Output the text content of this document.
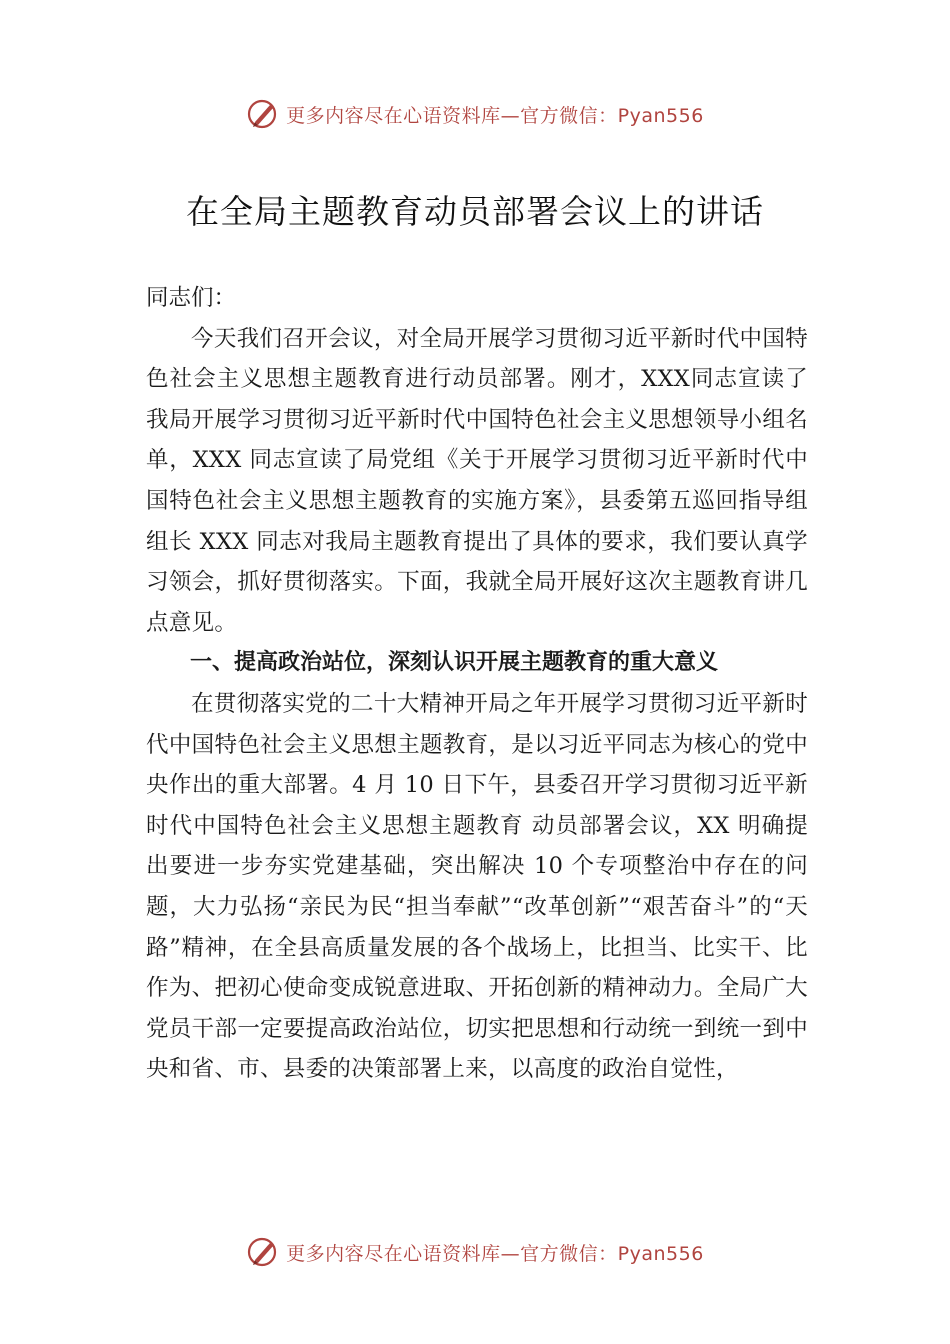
更多内容尽在心语资料库—官方微信：Pyan556
在全局主题教育动员部署会议上的讲话

同志们：

今天我们召开会议，对全局开展学习贯彻习近平新时代中国特色社会主义思想主题教育进行动员部署。刚才，XXX同志宣读了我局开展学习贯彻习近平新时代中国特色社会主义思想领导小组名单，XXX 同志宣读了局党组《关于开展学习贯彻习近平新时代中国特色社会主义思想主题教育的实施方案》，县委第五巡回指导组组长 XXX 同志对我局主题教育提出了具体的要求，我们要认真学习领会，抓好贯彻落实。下面，我就全局开展好这次主题教育讲几点意见。

一、提高政治站位，深刻认识开展主题教育的重大意义

在贯彻落实党的二十大精神开局之年开展学习贯彻习近平新时代中国特色社会主义思想主题教育，是以习近平同志为核心的党中央作出的重大部署。4 月 10 日下午，县委召开学习贯彻习近平新时代中国特色社会主义思想主题教育 动员部署会议，XX 明确提出要进一步夯实党建基础，突出解决 10 个专项整治中存在的问题，大力弘扬“亲民为民“担当奉献”“改革创新”“艰苦奋斗”的“天路”精神，在全县高质量发展的各个战场上，比担当、比实干、比作为、把初心使命变成锐意进取、开拓创新的精神动力。全局广大党员干部一定要提高政治站位，切实把思想和行动统一到统一到中央和省、市、县委的决策部署上来，以高度的政治自觉性，

更多内容尽在心语资料库—官方微信：Pyan556
